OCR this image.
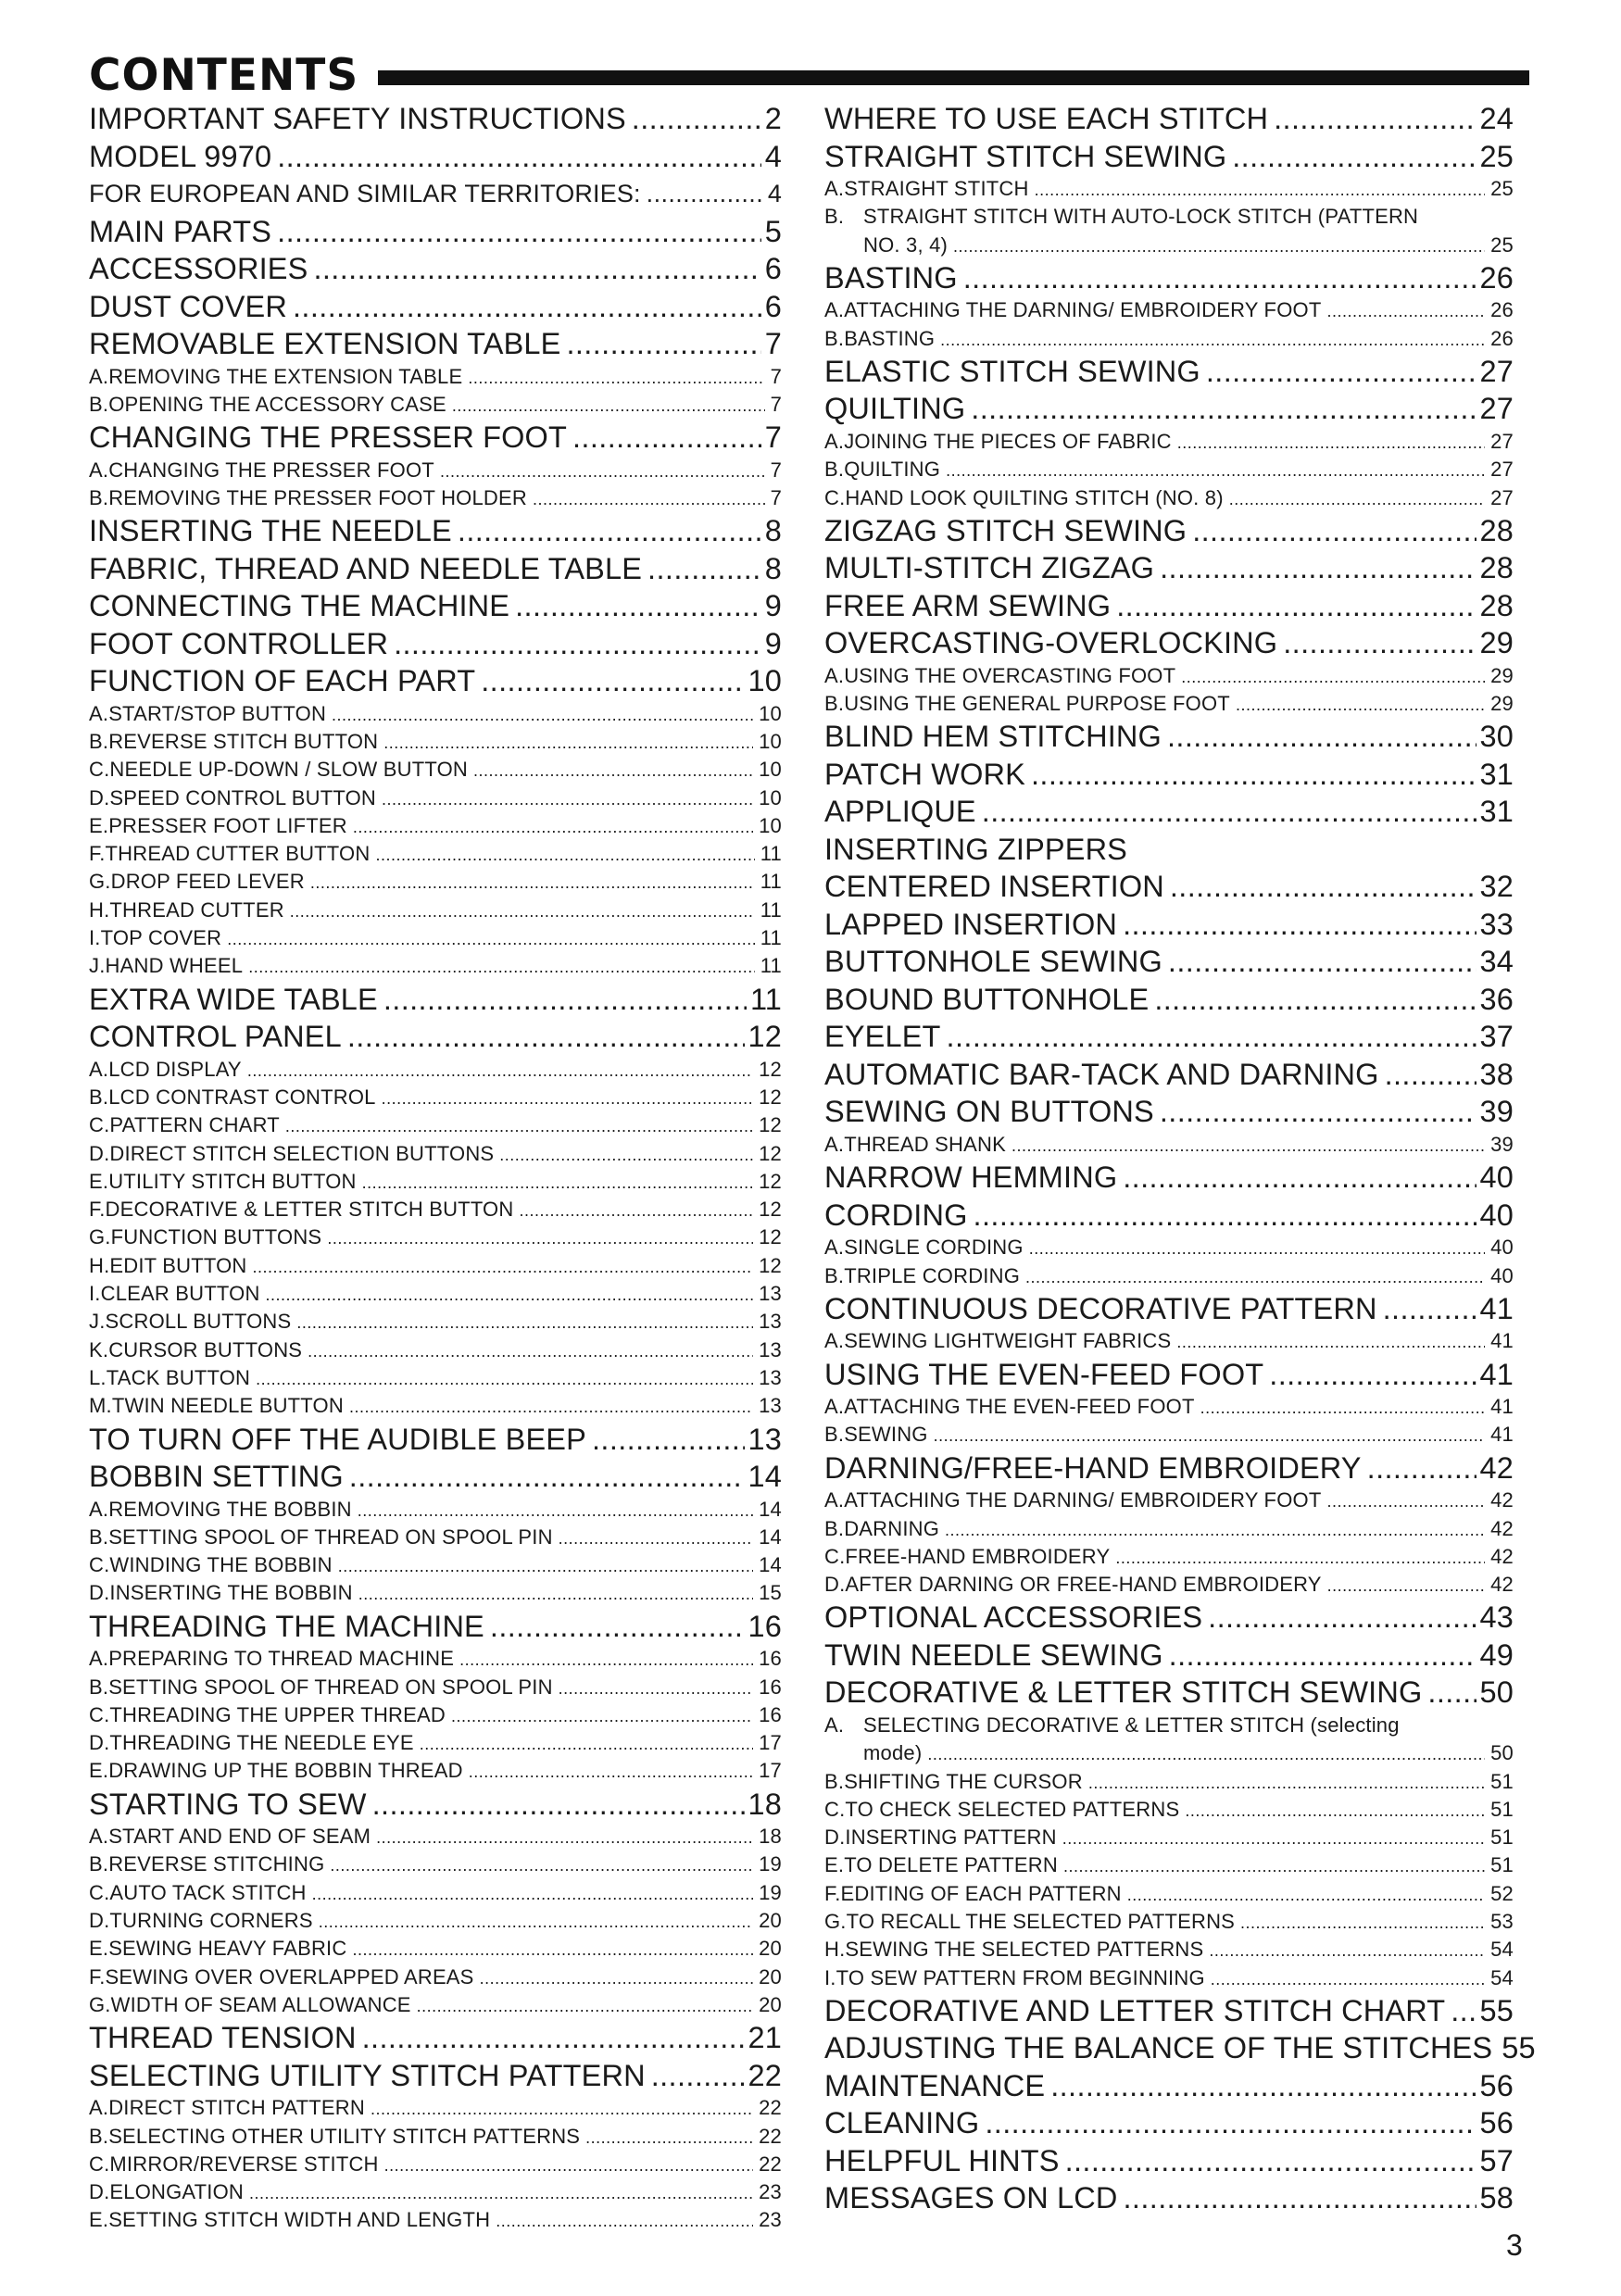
CONTENTS
IMPORTANT SAFETY INSTRUCTIONS .....	2
MODEL 9970 .....	4
FOR EUROPEAN AND SIMILAR TERRITORIES: .....	4
MAIN PARTS .....	5
ACCESSORIES .....	6
DUST COVER .....	6
REMOVABLE EXTENSION TABLE .....	7
A. REMOVING THE EXTENSION TABLE .....	7
B. OPENING THE ACCESSORY CASE .....	7
CHANGING THE PRESSER FOOT .....	7
A. CHANGING THE PRESSER FOOT .....	7
B. REMOVING THE PRESSER FOOT HOLDER .....	7
INSERTING THE NEEDLE .....	8
FABRIC, THREAD AND NEEDLE TABLE .....	8
CONNECTING THE MACHINE .....	9
FOOT CONTROLLER .....	9
FUNCTION OF EACH PART .....	10
A. START/STOP BUTTON .....	10
B. REVERSE STITCH BUTTON .....	10
C. NEEDLE UP-DOWN / SLOW BUTTON .....	10
D. SPEED CONTROL BUTTON .....	10
E. PRESSER FOOT LIFTER .....	10
F. THREAD CUTTER BUTTON .....	11
G. DROP FEED LEVER .....	11
H. THREAD CUTTER .....	11
I. TOP COVER .....	11
J. HAND WHEEL .....	11
EXTRA WIDE TABLE .....	11
CONTROL PANEL .....	12
A. LCD DISPLAY .....	12
B. LCD CONTRAST CONTROL .....	12
C. PATTERN CHART .....	12
D. DIRECT STITCH SELECTION BUTTONS .....	12
E. UTILITY STITCH BUTTON .....	12
F. DECORATIVE & LETTER STITCH BUTTON .....	12
G. FUNCTION BUTTONS .....	12
H. EDIT BUTTON .....	12
I. CLEAR BUTTON .....	13
J. SCROLL BUTTONS .....	13
K. CURSOR BUTTONS .....	13
L. TACK BUTTON .....	13
M. TWIN NEEDLE BUTTON .....	13
TO TURN OFF THE AUDIBLE BEEP .....	13
BOBBIN SETTING .....	14
A. REMOVING THE BOBBIN .....	14
B. SETTING SPOOL OF THREAD ON SPOOL PIN .....	14
C. WINDING THE BOBBIN .....	14
D. INSERTING THE BOBBIN .....	15
THREADING THE MACHINE .....	16
A. PREPARING TO THREAD MACHINE .....	16
B. SETTING SPOOL OF THREAD ON SPOOL PIN .....	16
C. THREADING THE UPPER THREAD .....	16
D. THREADING THE NEEDLE EYE .....	17
E. DRAWING UP THE BOBBIN THREAD .....	17
STARTING TO SEW .....	18
A. START AND END OF SEAM .....	18
B. REVERSE STITCHING .....	19
C. AUTO TACK STITCH .....	19
D. TURNING CORNERS .....	20
E. SEWING HEAVY FABRIC .....	20
F. SEWING OVER OVERLAPPED AREAS .....	20
G. WIDTH OF SEAM ALLOWANCE .....	20
THREAD TENSION .....	21
SELECTING UTILITY STITCH PATTERN .....	22
A. DIRECT STITCH PATTERN .....	22
B. SELECTING OTHER UTILITY STITCH PATTERNS .....	22
C. MIRROR/REVERSE STITCH .....	22
D. ELONGATION .....	23
E. SETTING STITCH WIDTH AND LENGTH .....	23
WHERE TO USE EACH STITCH .....	24
STRAIGHT STITCH SEWING .....	25
A. STRAIGHT STITCH .....	25
B. STRAIGHT STITCH WITH AUTO-LOCK STITCH (PATTERN
NO. 3, 4) .....	25
BASTING .....	26
A. ATTACHING THE DARNING/ EMBROIDERY FOOT .....	26
B. BASTING .....	26
ELASTIC STITCH SEWING .....	27
QUILTING .....	27
A. JOINING THE PIECES OF FABRIC .....	27
B. QUILTING .....	27
C. HAND LOOK QUILTING STITCH (NO. 8) .....	27
ZIGZAG STITCH SEWING .....	28
MULTI-STITCH ZIGZAG .....	28
FREE ARM SEWING .....	28
OVERCASTING-OVERLOCKING .....	29
A. USING THE OVERCASTING FOOT .....	29
B. USING THE GENERAL PURPOSE FOOT .....	29
BLIND HEM STITCHING .....	30
PATCH WORK .....	31
APPLIQUE .....	31
INSERTING ZIPPERS
CENTERED INSERTION .....	32
LAPPED INSERTION .....	33
BUTTONHOLE SEWING .....	34
BOUND BUTTONHOLE .....	36
EYELET .....	37
AUTOMATIC BAR-TACK AND DARNING .....	38
SEWING ON BUTTONS .....	39
A. THREAD SHANK .....	39
NARROW HEMMING .....	40
CORDING .....	40
A. SINGLE CORDING .....	40
B. TRIPLE CORDING .....	40
CONTINUOUS DECORATIVE PATTERN .....	41
A. SEWING LIGHTWEIGHT FABRICS .....	41
USING THE EVEN-FEED FOOT .....	41
A. ATTACHING THE EVEN-FEED FOOT .....	41
B. SEWING .....	41
DARNING/FREE-HAND EMBROIDERY .....	42
A. ATTACHING THE DARNING/ EMBROIDERY FOOT .....	42
B. DARNING .....	42
C. FREE-HAND EMBROIDERY .....	42
D. AFTER DARNING OR FREE-HAND EMBROIDERY .....	42
OPTIONAL ACCESSORIES .....	43
TWIN NEEDLE SEWING .....	49
DECORATIVE & LETTER STITCH SEWING ..... 50
A. SELECTING DECORATIVE & LETTER STITCH (selecting
mode) .....	50
B. SHIFTING THE CURSOR .....	51
C. TO CHECK SELECTED PATTERNS .....	51
D. INSERTING PATTERN .....	51
E. TO DELETE PATTERN .....	51
F. EDITING OF EACH PATTERN .....	52
G. TO RECALL THE SELECTED PATTERNS .....	53
H. SEWING THE SELECTED PATTERNS .....	54
I. TO SEW PATTERN FROM BEGINNING .....	54
DECORATIVE AND LETTER STITCH CHART ..... 55
ADJUSTING THE BALANCE OF THE STITCHES 55
MAINTENANCE .....	56
CLEANING .....	56
HELPFUL HINTS .....	57
MESSAGES ON LCD .....	58
3
